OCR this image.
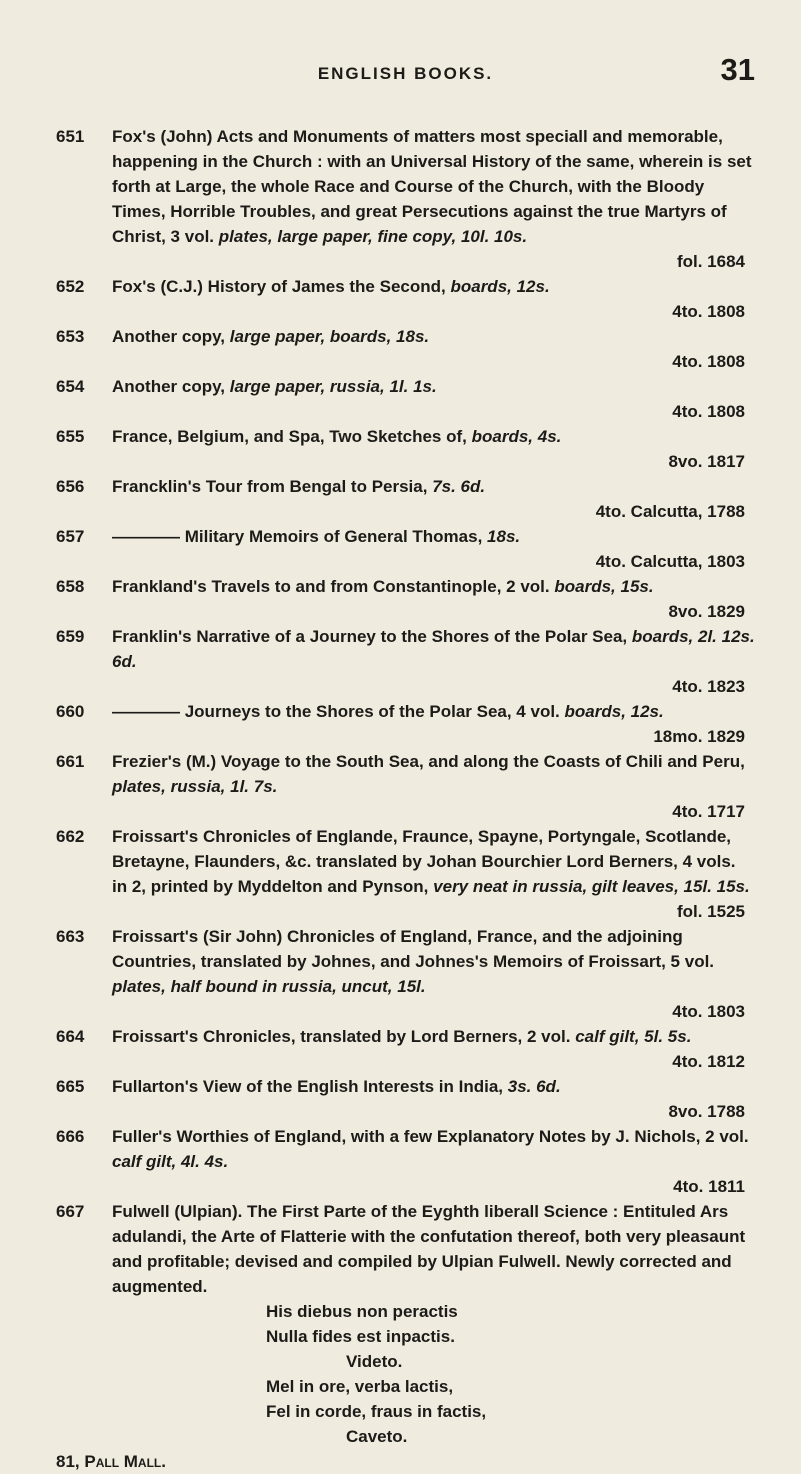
ENGLISH BOOKS.	31
651	Fox's (John) Acts and Monuments of matters most speciall and memorable, happening in the Church : with an Universal History of the same, wherein is set forth at Large, the whole Race and Course of the Church, with the Bloody Times, Horrible Troubles, and great Persecutions against the true Martyrs of Christ, 3 vol. plates, large paper, fine copy, 10l. 10s.
fol. 1684
652	Fox's (C.J.) History of James the Second, boards, 12s.
4to. 1808
653	Another copy, large paper, boards, 18s.
4to. 1808
654	Another copy, large paper, russia, 1l. 1s.
4to. 1808
655	France, Belgium, and Spa, Two Sketches of, boards, 4s.
8vo. 1817
656	Francklin's Tour from Bengal to Persia, 7s. 6d.
4to. Calcutta, 1788
657	———— Military Memoirs of General Thomas, 18s.
4to. Calcutta, 1803
658	Frankland's Travels to and from Constantinople, 2 vol. boards, 15s.
8vo. 1829
659	Franklin's Narrative of a Journey to the Shores of the Polar Sea, boards, 2l. 12s. 6d.
4to. 1823
660	———— Journeys to the Shores of the Polar Sea, 4 vol. boards, 12s.
18mo. 1829
661	Frezier's (M.) Voyage to the South Sea, and along the Coasts of Chili and Peru, plates, russia, 1l. 7s.
4to. 1717
662	Froissart's Chronicles of Englande, Fraunce, Spayne, Portyngale, Scotlande, Bretayne, Flaunders, &c. translated by Johan Bourchier Lord Berners, 4 vols. in 2, printed by Myddelton and Pynson, very neat in russia, gilt leaves, 15l. 15s.
fol. 1525
663	Froissart's (Sir John) Chronicles of England, France, and the adjoining Countries, translated by Johnes, and Johnes's Memoirs of Froissart, 5 vol. plates, half bound in russia, uncut, 15l.
4to. 1803
664	Froissart's Chronicles, translated by Lord Berners, 2 vol. calf gilt, 5l. 5s.
4to. 1812
665	Fullarton's View of the English Interests in India, 3s. 6d.
8vo. 1788
666	Fuller's Worthies of England, with a few Explanatory Notes by J. Nichols, 2 vol. calf gilt, 4l. 4s.
4to. 1811
667	Fulwell (Ulpian). The First Parte of the Eyghth liberall Science : Entituled Ars adulandi, the Arte of Flatterie with the confutation thereof, both very pleasaunt and profitable; devised and compiled by Ulpian Fulwell. Newly corrected and augmented.
His diebus non peractis
Nulla fides est inpactis.
Videto.
Mel in ore, verba lactis,
Fel in corde, fraus in factis,
Caveto.
81, Pall Mall.
